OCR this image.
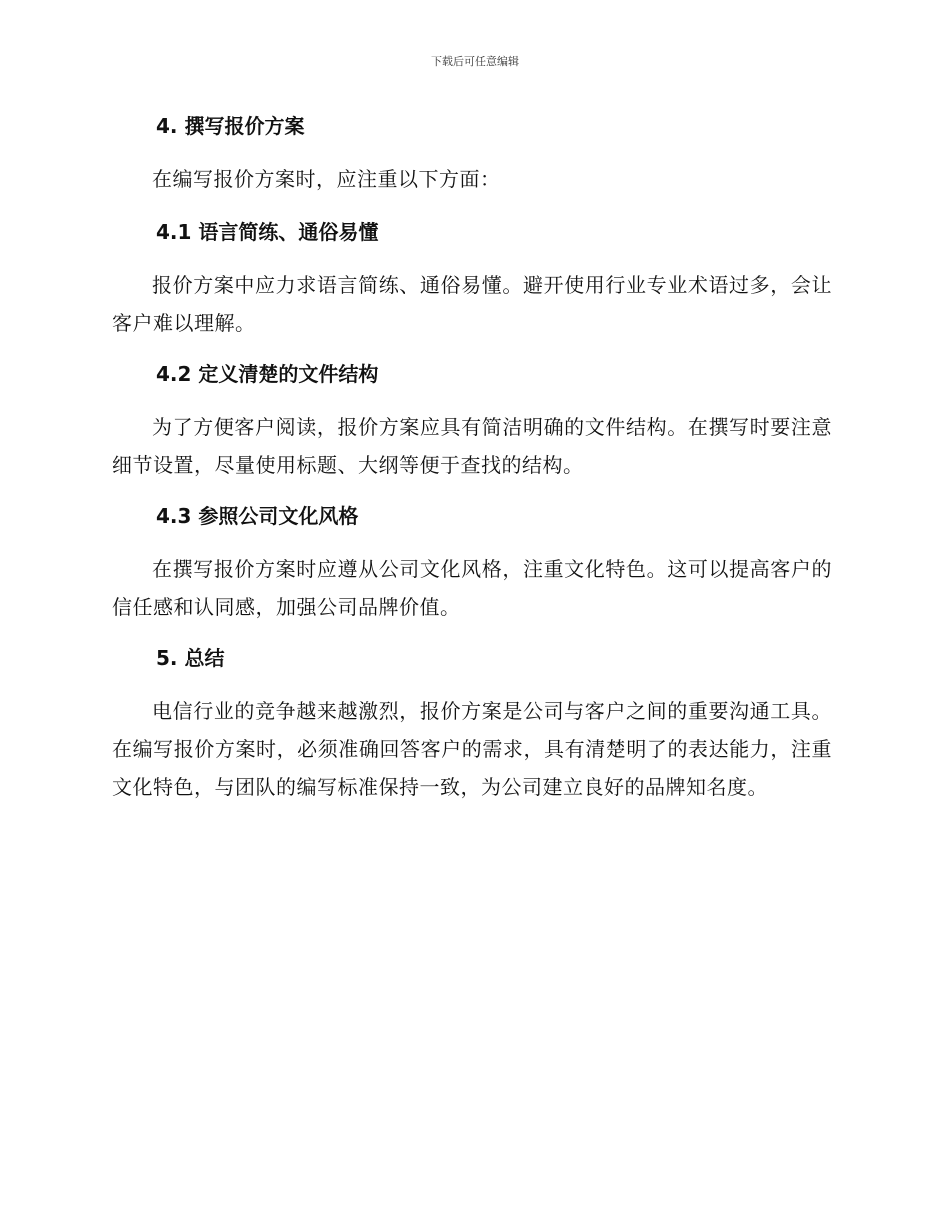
下载后可任意编辑
4. 撰写报价方案

在编写报价方案时，应注重以下方面：

4.1 语言简练、通俗易懂

报价方案中应力求语言简练、通俗易懂。避开使用行业专业术语过多，会让客户难以理解。

4.2 定义清楚的文件结构

为了方便客户阅读，报价方案应具有简洁明确的文件结构。在撰写时要注意细节设置，尽量使用标题、大纲等便于查找的结构。

4.3 参照公司文化风格

在撰写报价方案时应遵从公司文化风格，注重文化特色。这可以提高客户的信任感和认同感，加强公司品牌价值。

5. 总结

电信行业的竞争越来越激烈，报价方案是公司与客户之间的重要沟通工具。在编写报价方案时，必须准确回答客户的需求，具有清楚明了的表达能力，注重文化特色，与团队的编写标准保持一致，为公司建立良好的品牌知名度。
